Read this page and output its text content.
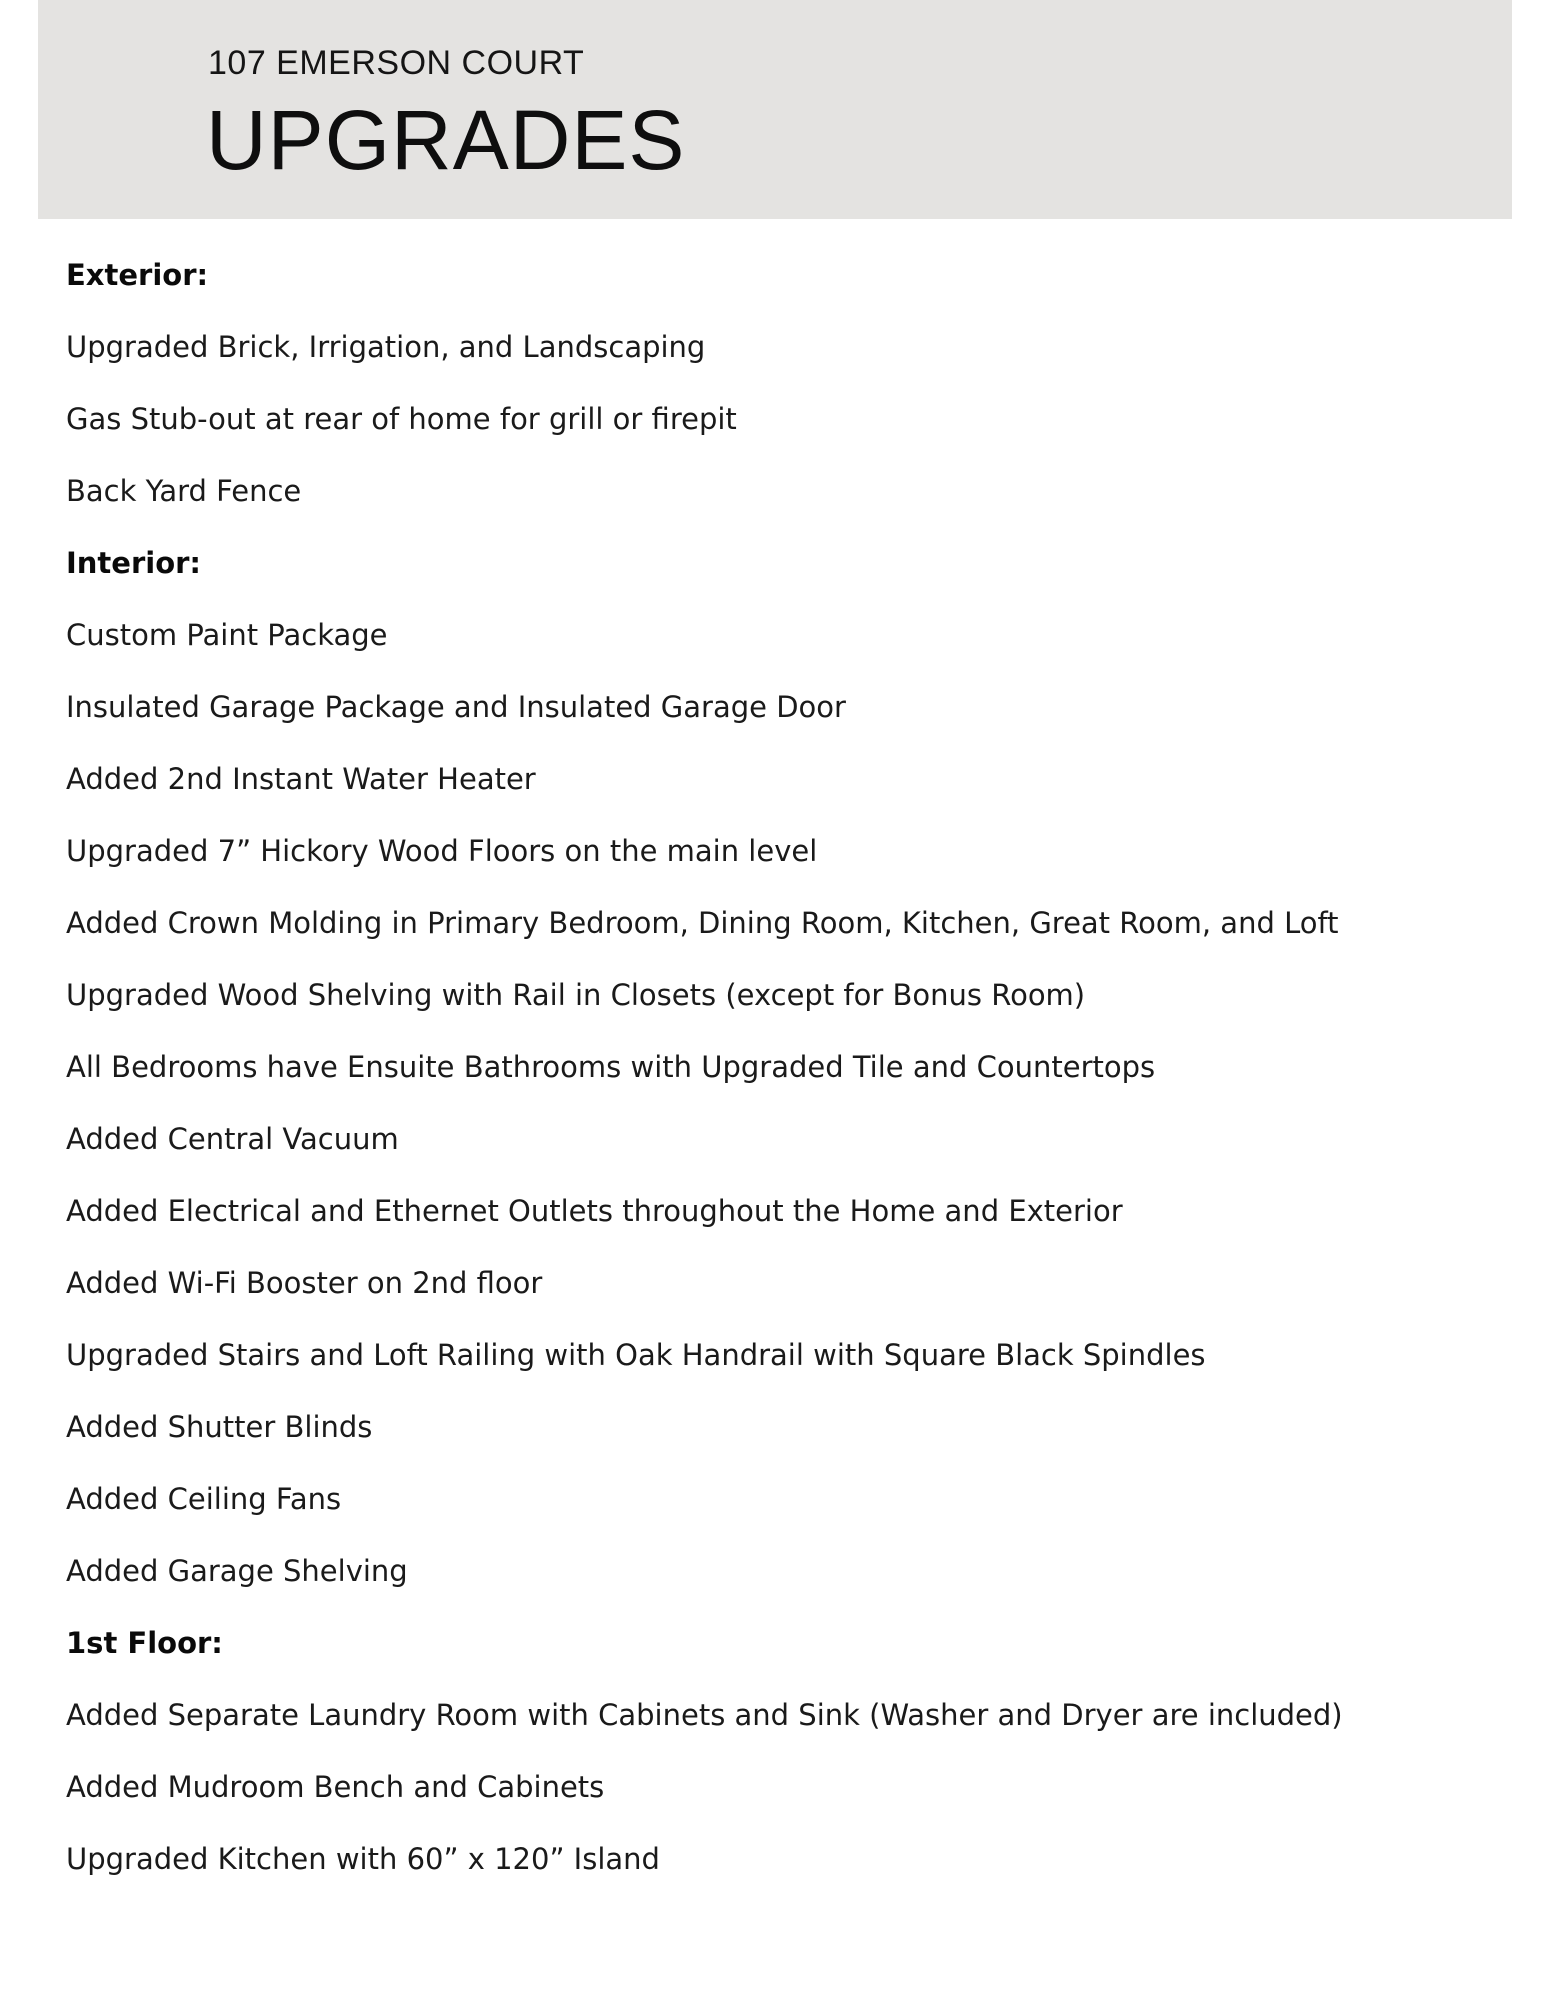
107 EMERSON COURT
UPGRADES
Exterior:
Upgraded Brick, Irrigation, and Landscaping
Gas Stub-out at rear of home for grill or firepit
Back Yard Fence
Interior:
Custom Paint Package
Insulated Garage Package and Insulated Garage Door
Added 2nd Instant Water Heater
Upgraded 7” Hickory Wood Floors on the main level
Added Crown Molding in Primary Bedroom, Dining Room, Kitchen, Great Room, and Loft
Upgraded Wood Shelving with Rail in Closets (except for Bonus Room)
All Bedrooms have Ensuite Bathrooms with Upgraded Tile and Countertops
Added Central Vacuum
Added Electrical and Ethernet Outlets throughout the Home and Exterior
Added Wi-Fi Booster on 2nd floor
Upgraded Stairs and Loft Railing with Oak Handrail with Square Black Spindles
Added Shutter Blinds
Added Ceiling Fans
Added Garage Shelving
1st Floor:
Added Separate Laundry Room with Cabinets and Sink (Washer and Dryer are included)
Added Mudroom Bench and Cabinets
Upgraded Kitchen with 60” x 120” Island
